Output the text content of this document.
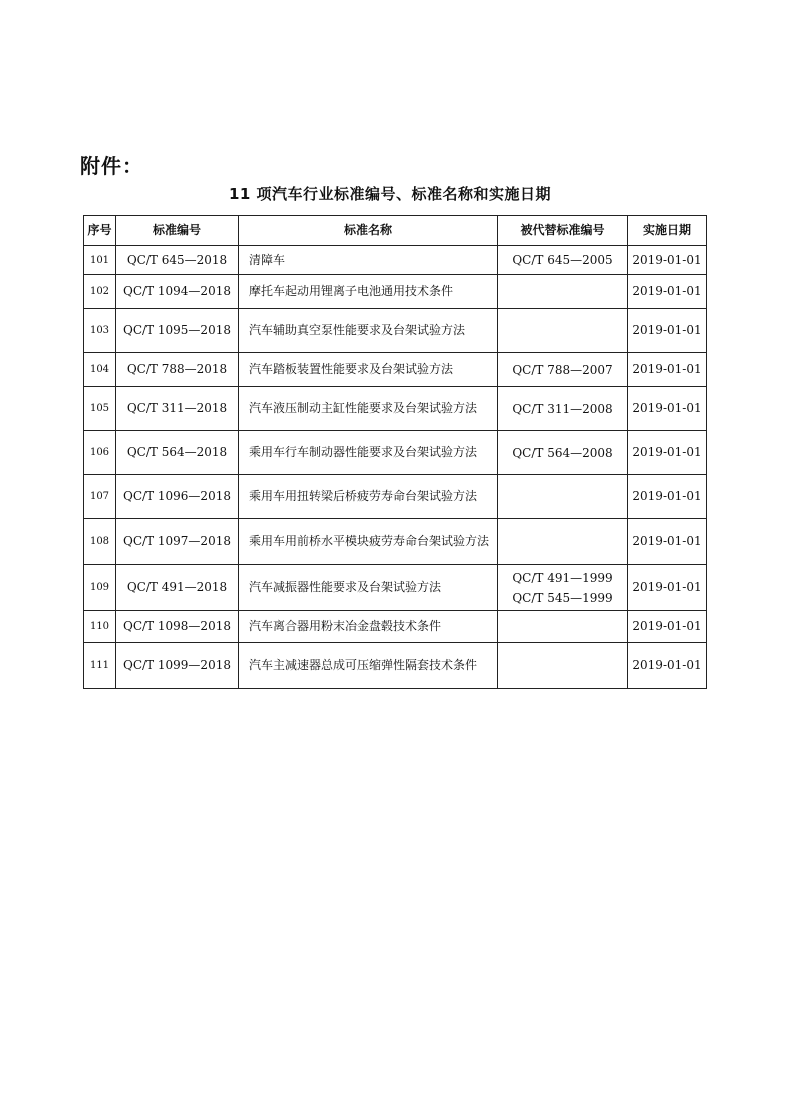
附件：
11 项汽车行业标准编号、标准名称和实施日期
序号	标准编号	标准名称	被代替标准编号	实施日期
101	QC/T 645—2018	清障车	QC/T 645—2005	2019-01-01
102	QC/T 1094—2018	摩托车起动用锂离子电池通用技术条件		2019-01-01
103	QC/T 1095—2018	汽车辅助真空泵性能要求及台架试验方法		2019-01-01
104	QC/T 788—2018	汽车踏板装置性能要求及台架试验方法	QC/T 788—2007	2019-01-01
105	QC/T 311—2018	汽车液压制动主缸性能要求及台架试验方法	QC/T 311—2008	2019-01-01
106	QC/T 564—2018	乘用车行车制动器性能要求及台架试验方法	QC/T 564—2008	2019-01-01
107	QC/T 1096—2018	乘用车用扭转梁后桥疲劳寿命台架试验方法		2019-01-01
108	QC/T 1097—2018	乘用车用前桥水平模块疲劳寿命台架试验方法		2019-01-01
109	QC/T 491—2018	汽车减振器性能要求及台架试验方法	QC/T 491—1999
QC/T 545—1999	2019-01-01
110	QC/T 1098—2018	汽车离合器用粉末冶金盘毂技术条件		2019-01-01
111	QC/T 1099—2018	汽车主减速器总成可压缩弹性隔套技术条件		2019-01-01
